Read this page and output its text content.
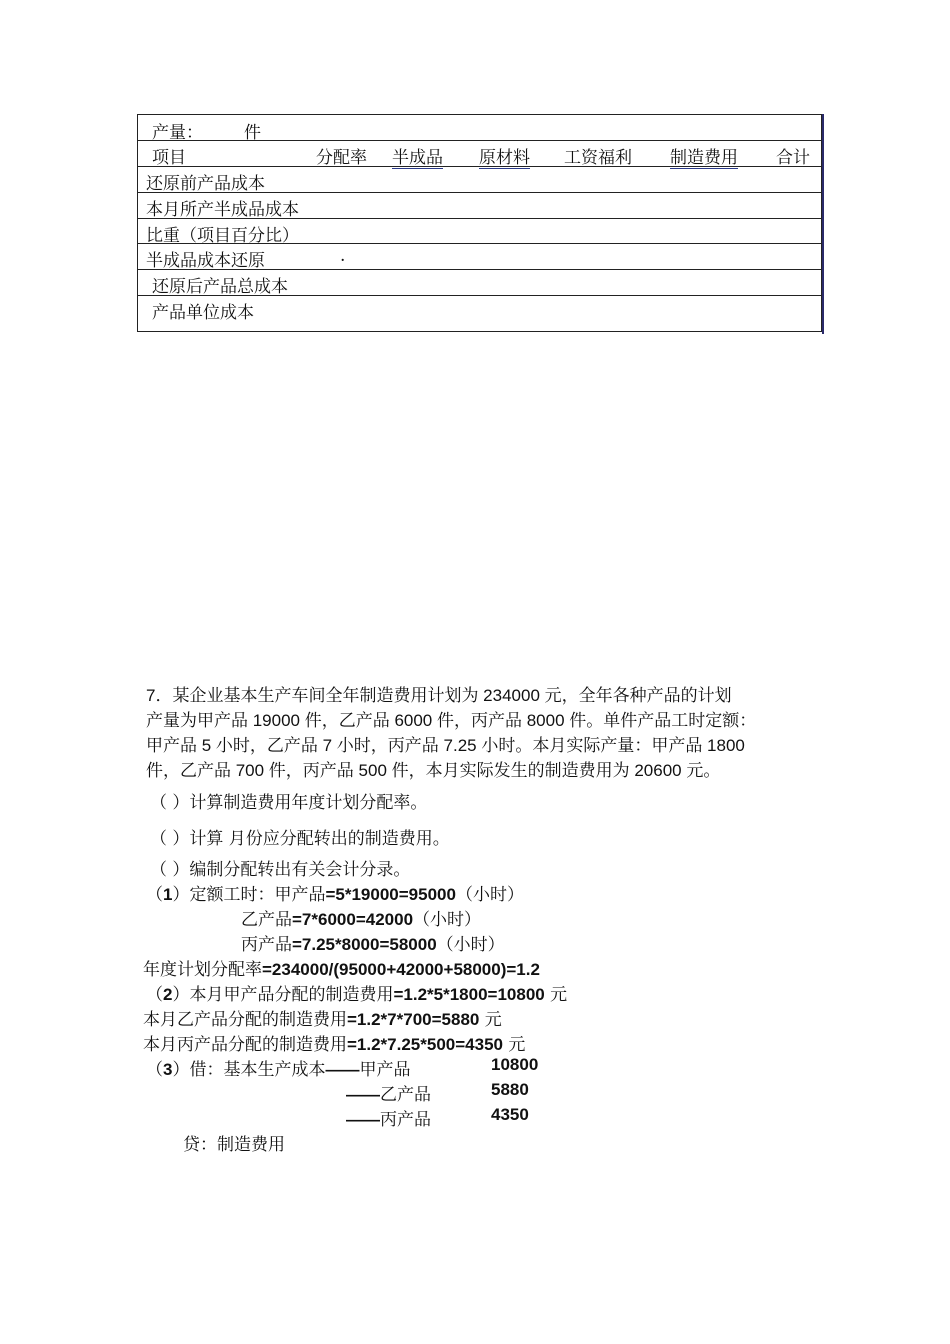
产量： 件
项目	分配率 半成品 原材料 工资福利 制造费用 合计
还原前产品成本
本月所产半成品成本
比重（项目百分比）
半成品成本还原	.
还原后产品总成本
产品单位成本
7．某企业基本生产车间全年制造费用计划为 234000 元，全年各种产品的计划
产量为甲产品 19000 件，乙产品 6000 件，丙产品 8000 件。单件产品工时定额：
甲产品 5 小时，乙产品 7 小时，丙产品 7.25 小时。本月实际产量：甲产品 1800
件，乙产品 700 件，丙产品 500 件，本月实际发生的制造费用为 20600 元。
（ ）计算制造费用年度计划分配率。
（ ）计算 月份应分配转出的制造费用。
（ ）编制分配转出有关会计分录。
（1）定额工时：甲产品=5*19000=95000（小时）
乙产品=7*6000=42000（小时）
丙产品=7.25*8000=58000（小时）
年度计划分配率=234000/(95000+42000+58000)=1.2
（2）本月甲产品分配的制造费用=1.2*5*1800=10800 元
本月乙产品分配的制造费用=1.2*7*700=5880 元
本月丙产品分配的制造费用=1.2*7.25*500=4350 元
（3）借：基本生产成本——甲产品	10800
——乙产品	5880
——丙产品	4350
贷：制造费用
